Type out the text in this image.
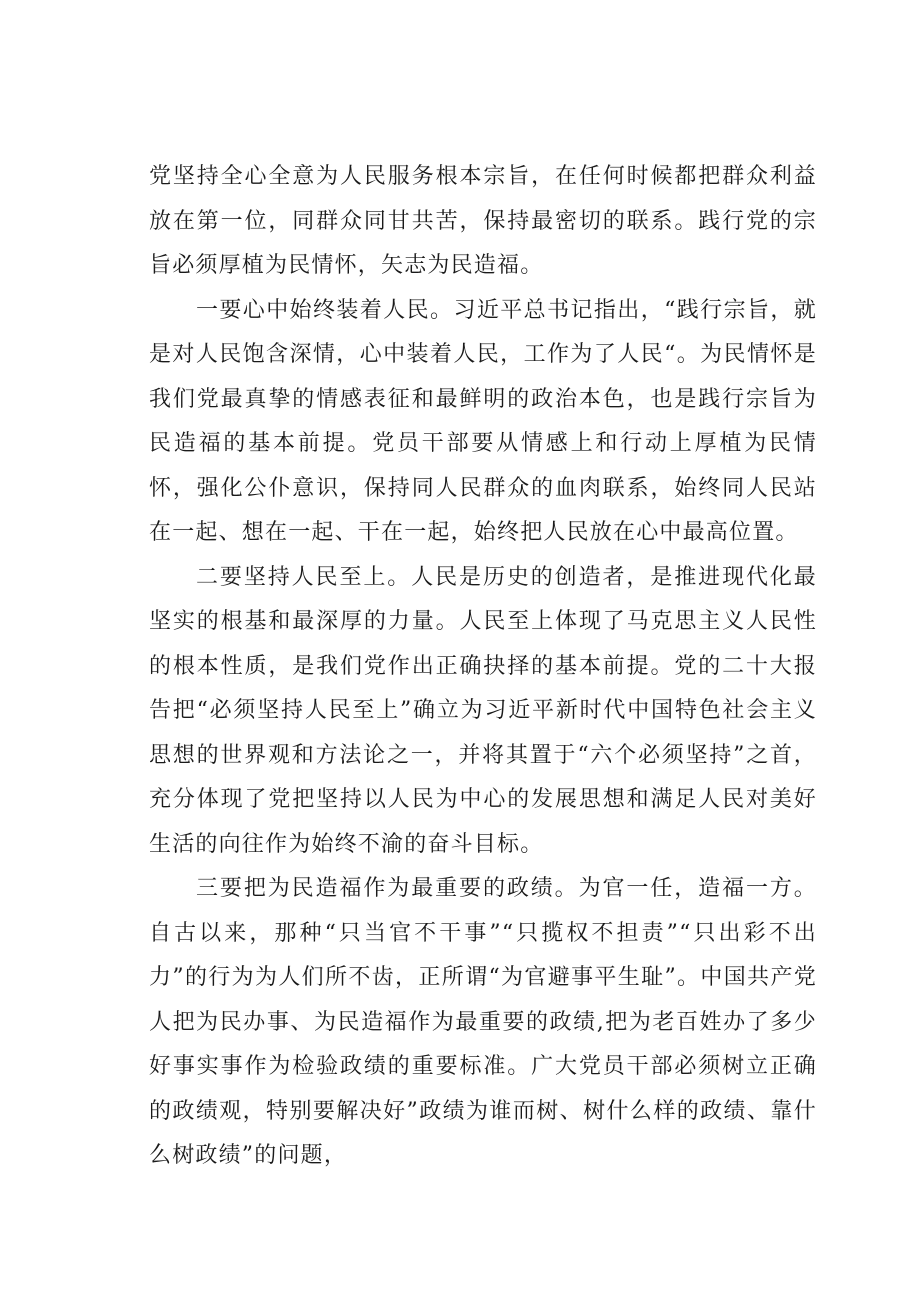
党坚持全心全意为人民服务根本宗旨，在任何时候都把群众利益放在第一位，同群众同甘共苦，保持最密切的联系。践行党的宗旨必须厚植为民情怀，矢志为民造福。

一要心中始终装着人民。习近平总书记指出，“践行宗旨，就是对人民饱含深情，心中装着人民，工作为了人民“。为民情怀是我们党最真挚的情感表征和最鲜明的政治本色，也是践行宗旨为民造福的基本前提。党员干部要从情感上和行动上厚植为民情怀，强化公仆意识，保持同人民群众的血肉联系，始终同人民站在一起、想在一起、干在一起，始终把人民放在心中最高位置。

二要坚持人民至上。人民是历史的创造者，是推进现代化最坚实的根基和最深厚的力量。人民至上体现了马克思主义人民性的根本性质，是我们党作出正确抉择的基本前提。党的二十大报告把“必须坚持人民至上”确立为习近平新时代中国特色社会主义思想的世界观和方法论之一，并将其置于“六个必须坚持”之首，充分体现了党把坚持以人民为中心的发展思想和满足人民对美好生活的向往作为始终不渝的奋斗目标。

三要把为民造福作为最重要的政绩。为官一任，造福一方。自古以来，那种“只当官不干事”“只揽权不担责”“只出彩不出力”的行为为人们所不齿，正所谓“为官避事平生耻”。中国共产党人把为民办事、为民造福作为最重要的政绩,把为老百姓办了多少好事实事作为检验政绩的重要标准。广大党员干部必须树立正确的政绩观，特别要解决好”政绩为谁而树、树什么样的政绩、靠什么树政绩”的问题，
